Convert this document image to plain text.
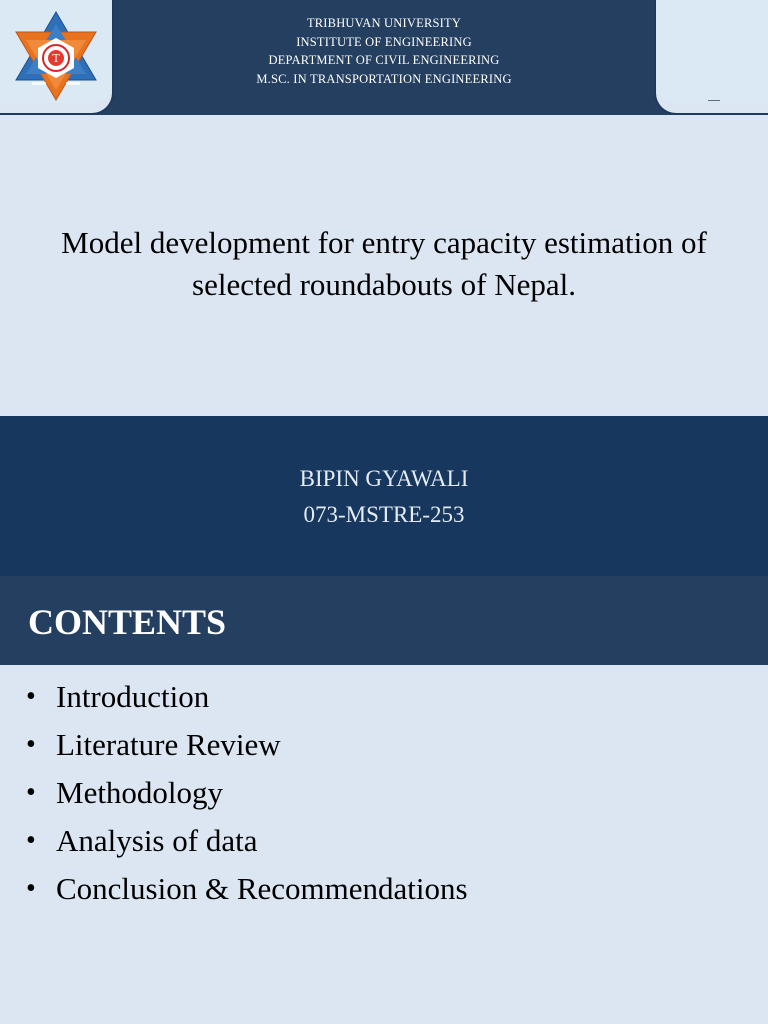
T
TRIBHUVAN UNIVERSITY
INSTITUTE OF ENGINEERING
DEPARTMENT OF CIVIL ENGINEERING
M.SC. IN TRANSPORTATION ENGINEERING
Model development for entry capacity estimation of
selected roundabouts of Nepal.
BIPIN GYAWALI
073-MSTRE-253
CONTENTS
• Introduction
• Literature Review
• Methodology
• Analysis of data
• Conclusion & Recommendations
